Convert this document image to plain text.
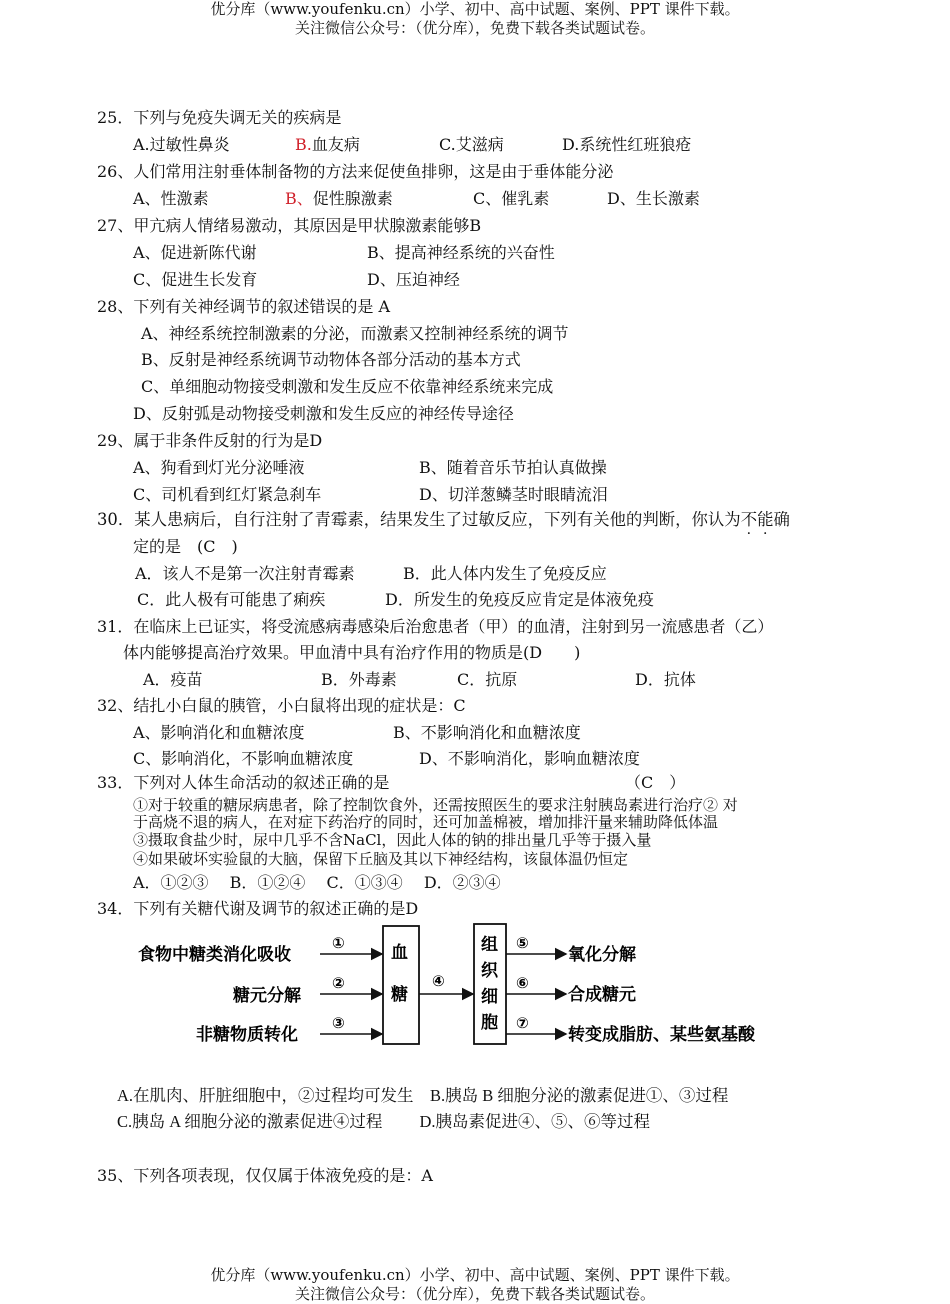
优分库（www.youfenku.cn）小学、初中、高中试题、案例、PPT 课件下载。
关注微信公众号：（优分库），免费下载各类试题试卷。
25．下列与免疫失调无关的疾病是
A.过敏性鼻炎	B.血友病	C.艾滋病	D.系统性红班狼疮
26、人们常用注射垂体制备物的方法来促使鱼排卵，这是由于垂体能分泌
A、性激素	B、促性腺激素	C、催乳素	D、生长激素
27、甲亢病人情绪易激动，其原因是甲状腺激素能够B
A、促进新陈代谢	B、提高神经系统的兴奋性
C、促进生长发育	D、压迫神经
28、下列有关神经调节的叙述错误的是 A
A、神经系统控制激素的分泌，而激素又控制神经系统的调节
B、反射是神经系统调节动物体各部分活动的基本方式
C、单细胞动物接受刺激和发生反应不依靠神经系统来完成
D、反射弧是动物接受刺激和发生反应的神经传导途径
29、属于非条件反射的行为是D
A、狗看到灯光分泌唾液	B、随着音乐节拍认真做操
C、司机看到红灯紧急刹车	D、切洋葱鳞茎时眼睛流泪
30．某人患病后，自行注射了青霉素，结果发生了过敏反应，下列有关他的判断，你认为不能确
定的是　(C　)
A．该人不是第一次注射青霉素	B．此人体内发生了免疫反应
C．此人极有可能患了痢疾	D．所发生的免疫反应肯定是体液免疫
31．在临床上已证实，将受流感病毒感染后治愈患者（甲）的血清，注射到另一流感患者（乙）
体内能够提高治疗效果。甲血清中具有治疗作用的物质是(D　　)
A．疫苗	B．外毒素	C．抗原	D．抗体
32、结扎小白鼠的胰管，小白鼠将出现的症状是：C
A、影响消化和血糖浓度	B、不影响消化和血糖浓度
C、影响消化，不影响血糖浓度	D、不影响消化，影响血糖浓度
33．下列对人体生命活动的叙述正确的是	（C　）
①对于较重的糖尿病患者，除了控制饮食外，还需按照医生的要求注射胰岛素进行治疗② 对
于高烧不退的病人，在对症下药治疗的同时，还可加盖棉被，增加排汗量来辅助降低体温
③摄取食盐少时，尿中几乎不含NaCl，因此人体的钠的排出量几乎等于摄入量
④如果破坏实验鼠的大脑，保留下丘脑及其以下神经结构，该鼠体温仍恒定
A．①②③　 B．①②④　 C．①③④　 D．②③④
34．下列有关糖代谢及调节的叙述正确的是D
食物中糖类消化吸收
糖元分解
非糖物质转化
①
②
③
血
糖
④
组
织
细
胞
⑤
⑥
⑦
氧化分解
合成糖元
转变成脂肪、某些氨基酸
A.在肌肉、肝脏细胞中，②过程均可发生　B.胰岛 B 细胞分泌的激素促进①、③过程
C.胰岛 A 细胞分泌的激素促进④过程　　 D.胰岛素促进④、⑤、⑥等过程
35、下列各项表现，仅仅属于体液免疫的是：A
优分库（www.youfenku.cn）小学、初中、高中试题、案例、PPT 课件下载。
关注微信公众号：（优分库），免费下载各类试题试卷。
